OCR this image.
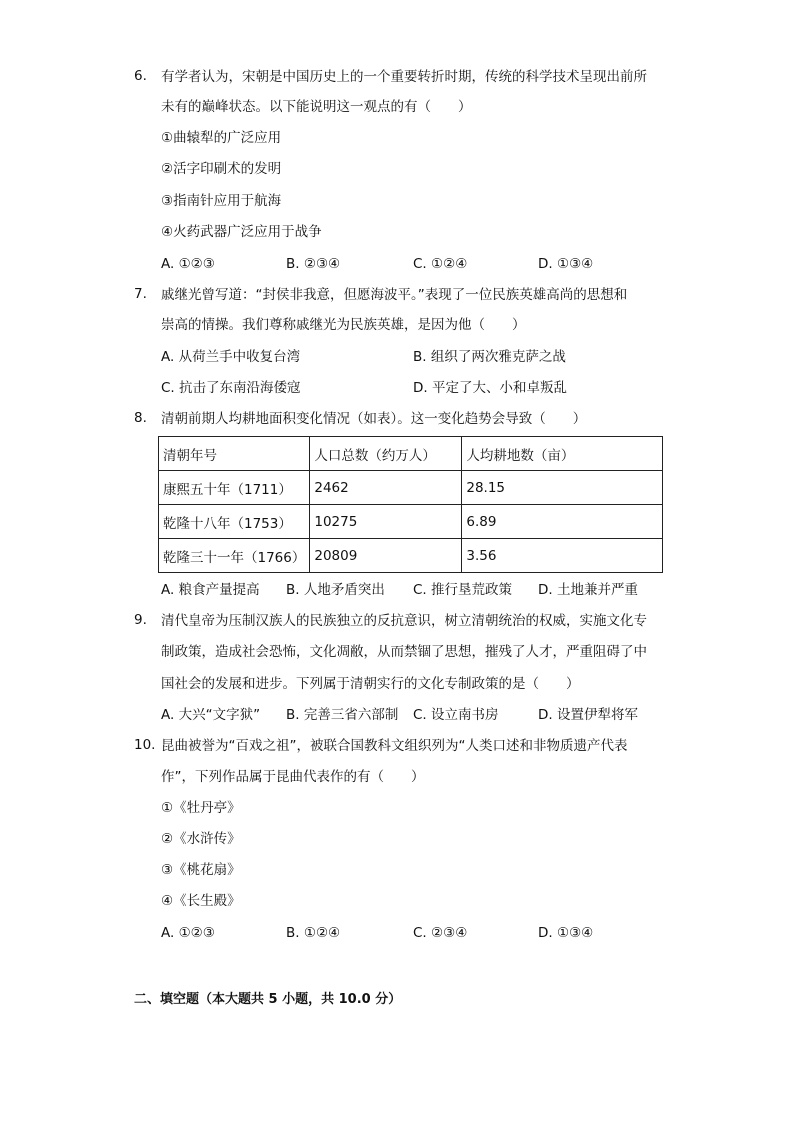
6.	有学者认为，宋朝是中国历史上的一个重要转折时期，传统的科学技术呈现出前所
未有的巅峰状态。以下能说明这一观点的有（　　）
①曲辕犁的广泛应用
②活字印刷术的发明
③指南针应用于航海
④火药武器广泛应用于战争
A. ①②③	B. ②③④	C. ①②④	D. ①③④
7.	戚继光曾写道：“封侯非我意，但愿海波平。”表现了一位民族英雄高尚的思想和
崇高的情操。我们尊称戚继光为民族英雄，是因为他（　　）
A. 从荷兰手中收复台湾	B. 组织了两次雅克萨之战
C. 抗击了东南沿海倭寇	D. 平定了大、小和卓叛乱
8.	清朝前期人均耕地面积变化情况（如表）。这一变化趋势会导致（　　）
清朝年号	人口总数（约万人）	人均耕地数（亩）
康熙五十年（1711）	2462	28.15
乾隆十八年（1753）	10275	6.89
乾隆三十一年（1766）	20809	3.56
A. 粮食产量提高 B. 人地矛盾突出 C. 推行垦荒政策 D. 土地兼并严重
9.	清代皇帝为压制汉族人的民族独立的反抗意识，树立清朝统治的权威，实施文化专
制政策，造成社会恐怖，文化凋敝，从而禁锢了思想，摧残了人才，严重阻碍了中
国社会的发展和进步。下列属于清朝实行的文化专制政策的是（　　）
A. 大兴“文字狱” B. 完善三省六部制 C. 设立南书房	D. 设置伊犁将军
10. 昆曲被誉为“百戏之祖”，被联合国教科文组织列为“人类口述和非物质遗产代表
作”，下列作品属于昆曲代表作的有（　　）
①《牡丹亭》
②《水浒传》
③《桃花扇》
④《长生殿》
A. ①②③	B. ①②④	C. ②③④	D. ①③④
二、填空题（本大题共 5 小题，共 10.0 分）
